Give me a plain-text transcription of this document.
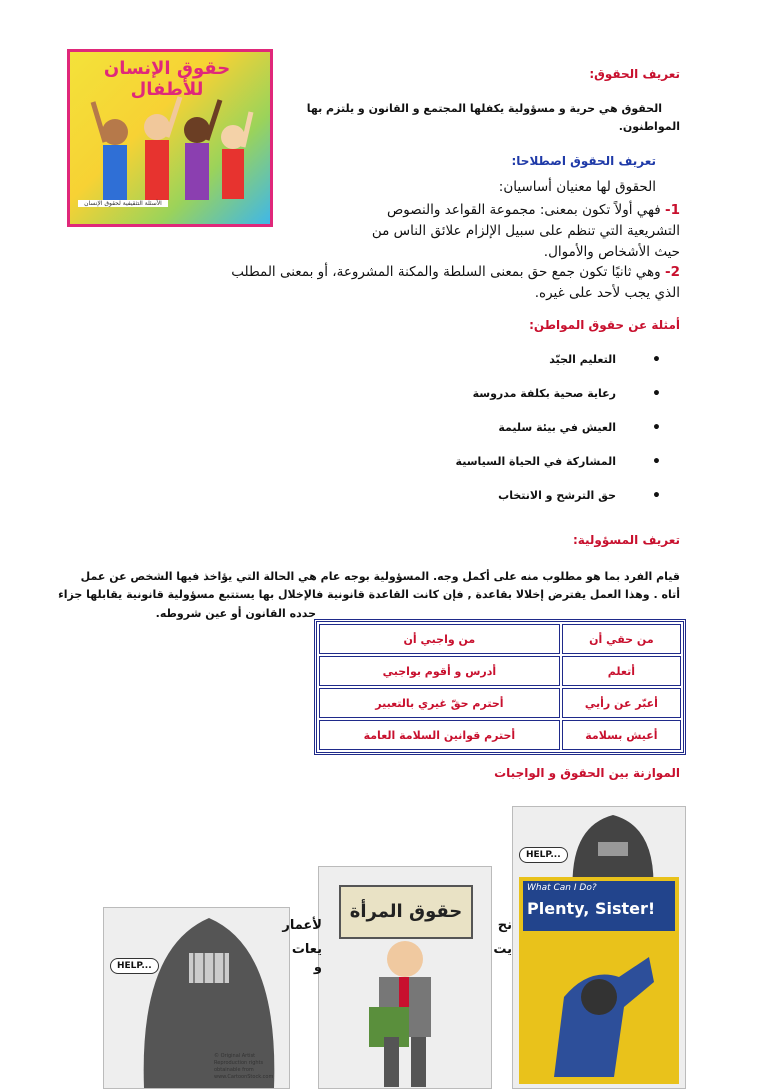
حقوق الإنسان للأطفال
الأسئلة التثقيفية لحقوق الإنسان
تعريف الحقوق:
الحقوق هي حرية و مسؤولية يكفلها المجتمع و القانون و يلتزم بها
المواطنون.
تعريف الحقوق اصطلاحا:
الحقوق لها معنيان أساسيان:
1- فهي أولاً تكون بمعنى: مجموعة القواعد والنصوص
التشريعية التي تنظم على سبيل الإلزام علائق الناس من
حيث الأشخاص والأموال.
2- وهي ثانيًا تكون جمع حق بمعنى السلطة والمكنة المشروعة، أو بمعنى المطلب
الذي يجب لأحد على غيره.
أمثلة عن حقوق المواطن:
•
التعليم الجيّد
•
رعاية صحية بكلفة مدروسة
•
العيش في بيئة سليمة
•
المشاركة في الحياة السياسية
•
حق الترشح و الانتخاب
تعريف المسؤولية:
قيام الفرد بما هو مطلوب منه على أكمل وجه. المسؤولية بوجه عام هي الحالة التي يؤاخذ فيها الشخص عن عمل
أتاه . وهذا العمل يفترض إخلالا بقاعدة , فإن كانت القاعدة قانونية فالإخلال بها يستتبع مسؤولية قانونية يقابلها جزاء
حدده القانون أو عين شروطه.
من حقي أن	من واجبي أن
أتعلم	أدرس و أقوم بواجبي
أعبّر عن رأيي	أحترم حقّ غيري بالتعبير
أعيش بسلامة	أحترم قوانين السلامة العامة
الموازنة بين الحقوق و الواجبات
HELP...
What Can I Do?
Plenty, Sister!
حقوق المرأة
HELP...
© Original Artist
Reproduction rights obtainable from
www.CartoonStock.com
نح
يت
لأعمار
يعات و
